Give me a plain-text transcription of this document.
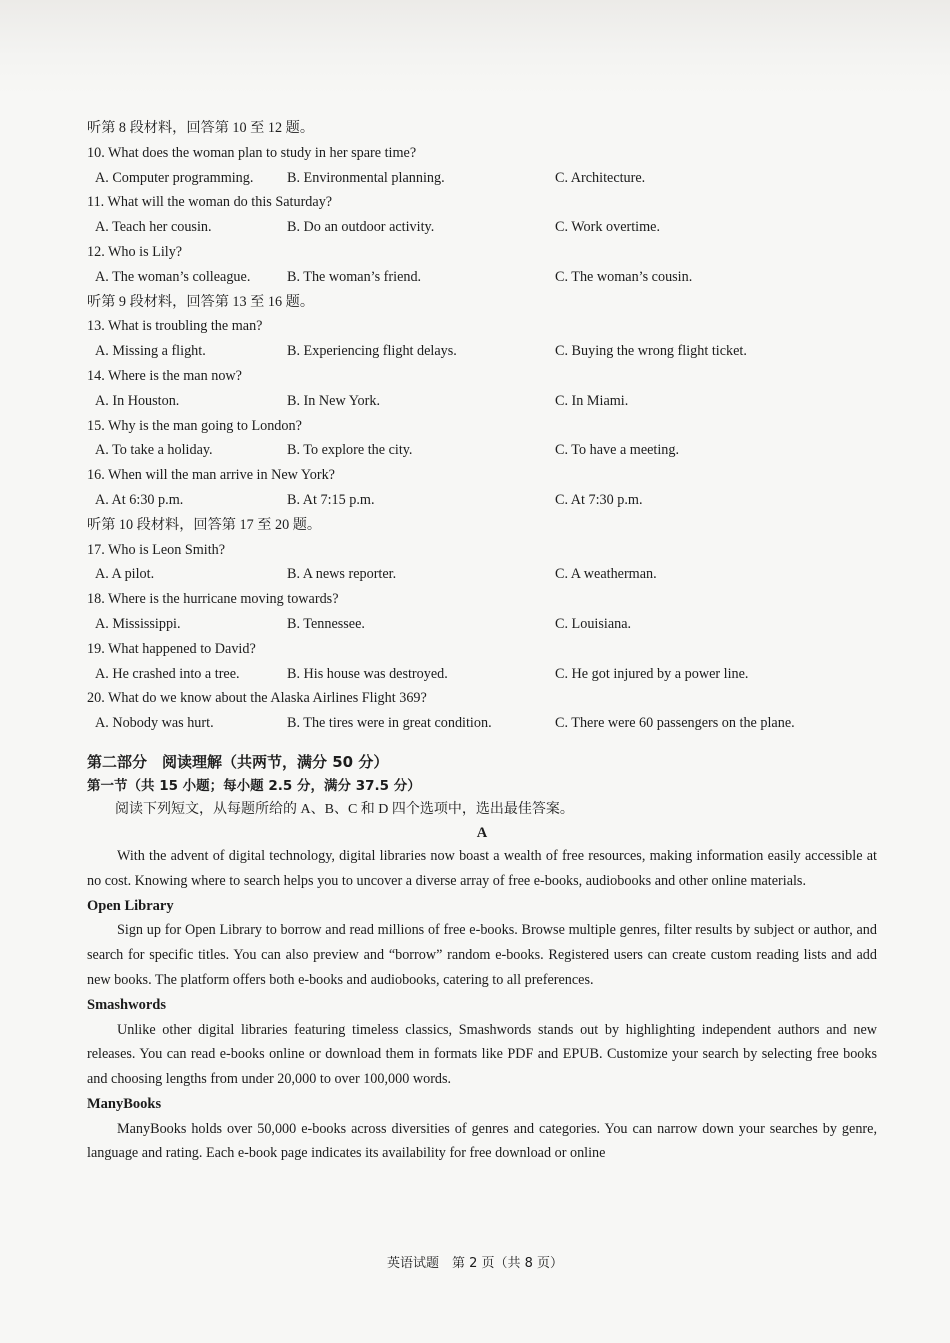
听第 8 段材料，回答第 10 至 12 题。
10. What does the woman plan to study in her spare time?
A. Computer programming. B. Environmental planning.	C. Architecture.
11. What will the woman do this Saturday?
A. Teach her cousin.	B. Do an outdoor activity.	C. Work overtime.
12. Who is Lily?
A. The woman’s colleague.	B. The woman’s friend.	C. The woman’s cousin.
听第 9 段材料，回答第 13 至 16 题。
13. What is troubling the man?
A. Missing a flight.	B. Experiencing flight delays.	C. Buying the wrong flight ticket.
14. Where is the man now?
A. In Houston.	B. In New York.	C. In Miami.
15. Why is the man going to London?
A. To take a holiday.	B. To explore the city.	C. To have a meeting.
16. When will the man arrive in New York?
A. At 6:30 p.m.	B. At 7:15 p.m.	C. At 7:30 p.m.
听第 10 段材料，回答第 17 至 20 题。
17. Who is Leon Smith?
A. A pilot.	B. A news reporter.	C. A weatherman.
18. Where is the hurricane moving towards?
A. Mississippi.	B. Tennessee.	C. Louisiana.
19. What happened to David?
A. He crashed into a tree.	B. His house was destroyed.	C. He got injured by a power line.
20. What do we know about the Alaska Airlines Flight 369?
A. Nobody was hurt.	B. The tires were in great condition.	C. There were 60 passengers on the plane.
第二部分　阅读理解（共两节，满分 50 分）
第一节（共 15 小题；每小题 2.5 分，满分 37.5 分）
阅读下列短文，从每题所给的 A、B、C 和 D 四个选项中，选出最佳答案。
A

With the advent of digital technology, digital libraries now boast a wealth of free resources, making information easily accessible at no cost. Knowing where to search helps you to uncover a diverse array of free e-books, audiobooks and other online materials.

Open Library

Sign up for Open Library to borrow and read millions of free e-books. Browse multiple genres, filter results by subject or author, and search for specific titles. You can also preview and “borrow” random e-books. Registered users can create custom reading lists and add new books. The platform offers both e-books and audiobooks, catering to all preferences.

Smashwords

Unlike other digital libraries featuring timeless classics, Smashwords stands out by highlighting independent authors and new releases. You can read e-books online or download them in formats like PDF and EPUB. Customize your search by selecting free books and choosing lengths from under 20,000 to over 100,000 words.

ManyBooks

ManyBooks holds over 50,000 e-books across diversities of genres and categories. You can narrow down your searches by genre, language and rating. Each e-book page indicates its availability for free download or online

英语试题　第 2 页（共 8 页）
